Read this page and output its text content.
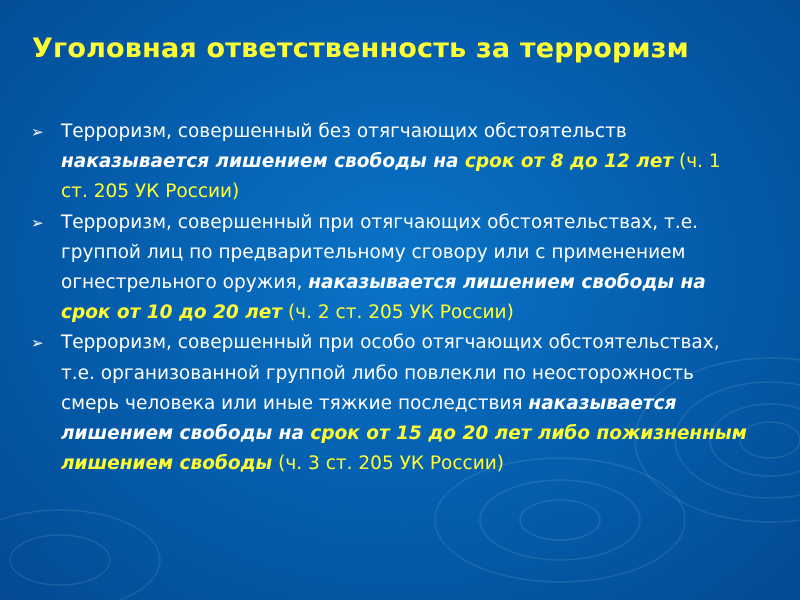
Уголовная ответственность за терроризм
➢ Терроризм, совершенный без отягчающих обстоятельств наказывается лишением свободы на срок от 8 до 12 лет (ч. 1 ст. 205 УК России)
➢ Терроризм, совершенный при отягчающих обстоятельствах, т.е. группой лиц по предварительному сговору или с применением огнестрельного оружия, наказывается лишением свободы на срок от 10 до 20 лет (ч. 2 ст. 205 УК России)
➢ Терроризм, совершенный при особо отягчающих обстоятельствах, т.е. организованной группой либо повлекли по неосторожность смерь человека или иные тяжкие последствия наказывается лишением свободы на срок от 15 до 20 лет либо пожизненным лишением свободы (ч. 3 ст. 205 УК России)
